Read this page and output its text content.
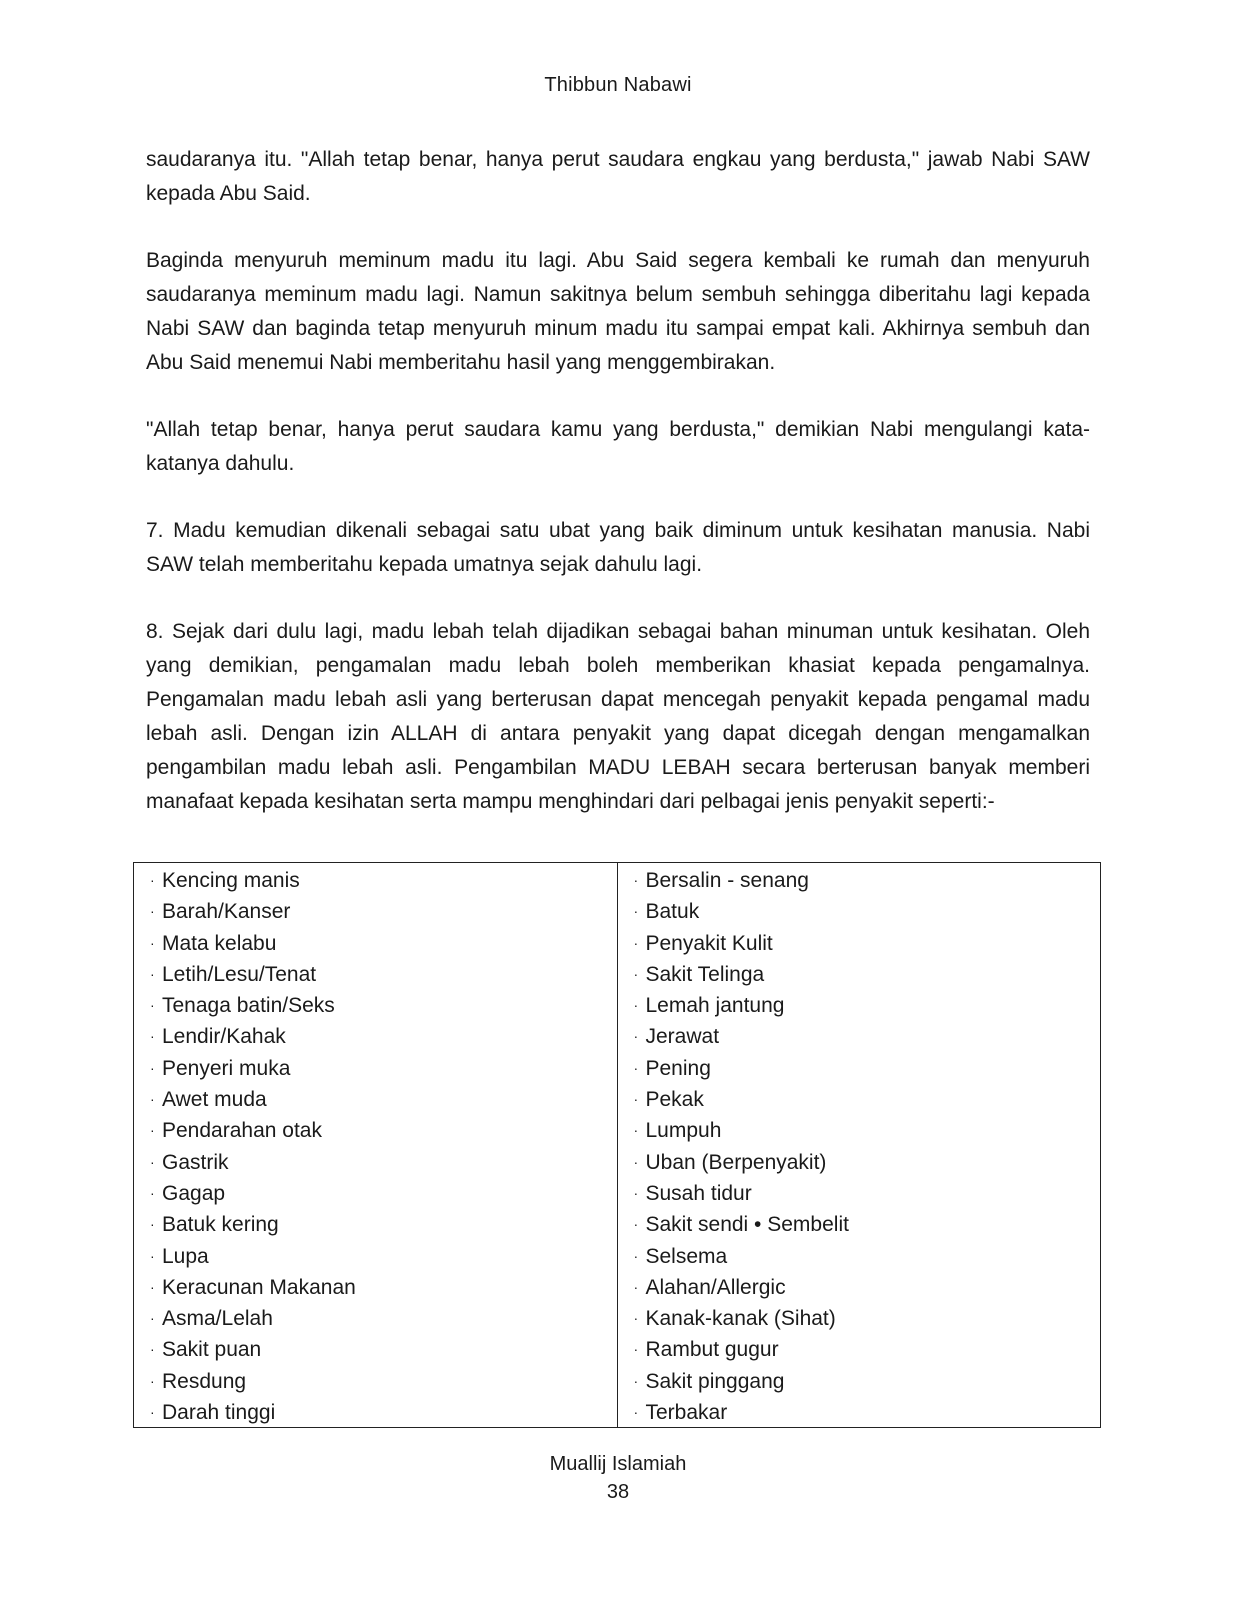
Thibbun Nabawi

saudaranya itu. "Allah tetap benar, hanya perut saudara engkau yang berdusta," jawab Nabi SAW kepada Abu Said.

Baginda menyuruh meminum madu itu lagi. Abu Said segera kembali ke rumah dan menyuruh saudaranya meminum madu lagi. Namun sakitnya belum sembuh sehingga diberitahu lagi kepada Nabi SAW dan baginda tetap menyuruh minum madu itu sampai empat kali. Akhirnya sembuh dan Abu Said menemui Nabi memberitahu hasil yang menggembirakan.

"Allah tetap benar, hanya perut saudara kamu yang berdusta," demikian Nabi mengulangi kata-katanya dahulu.

7. Madu kemudian dikenali sebagai satu ubat yang baik diminum untuk kesihatan manusia. Nabi SAW telah memberitahu kepada umatnya sejak dahulu lagi.

8. Sejak dari dulu lagi, madu lebah telah dijadikan sebagai bahan minuman untuk kesihatan. Oleh yang demikian, pengamalan madu lebah boleh memberikan khasiat kepada pengamalnya. Pengamalan madu lebah asli yang berterusan dapat mencegah penyakit kepada pengamal madu lebah asli. Dengan izin ALLAH di antara penyakit yang dapat dicegah dengan mengamalkan pengambilan madu lebah asli. Pengambilan MADU LEBAH secara berterusan banyak memberi manafaat kepada kesihatan serta mampu menghindari dari pelbagai jenis penyakit seperti:-

· Kencing manis
· Barah/Kanser
· Mata kelabu
· Letih/Lesu/Tenat
· Tenaga batin/Seks
· Lendir/Kahak
· Penyeri muka
· Awet muda
· Pendarahan otak
· Gastrik
· Gagap
· Batuk kering
· Lupa
· Keracunan Makanan
· Asma/Lelah
· Sakit puan
· Resdung
· Darah tinggi
· Bersalin - senang
· Batuk
· Penyakit Kulit
· Sakit Telinga
· Lemah jantung
· Jerawat
· Pening
· Pekak
· Lumpuh
· Uban (Berpenyakit)
· Susah tidur
· Sakit sendi • Sembelit
· Selsema
· Alahan/Allergic
· Kanak-kanak (Sihat)
· Rambut gugur
· Sakit pinggang
· Terbakar
Muallij Islamiah
38
